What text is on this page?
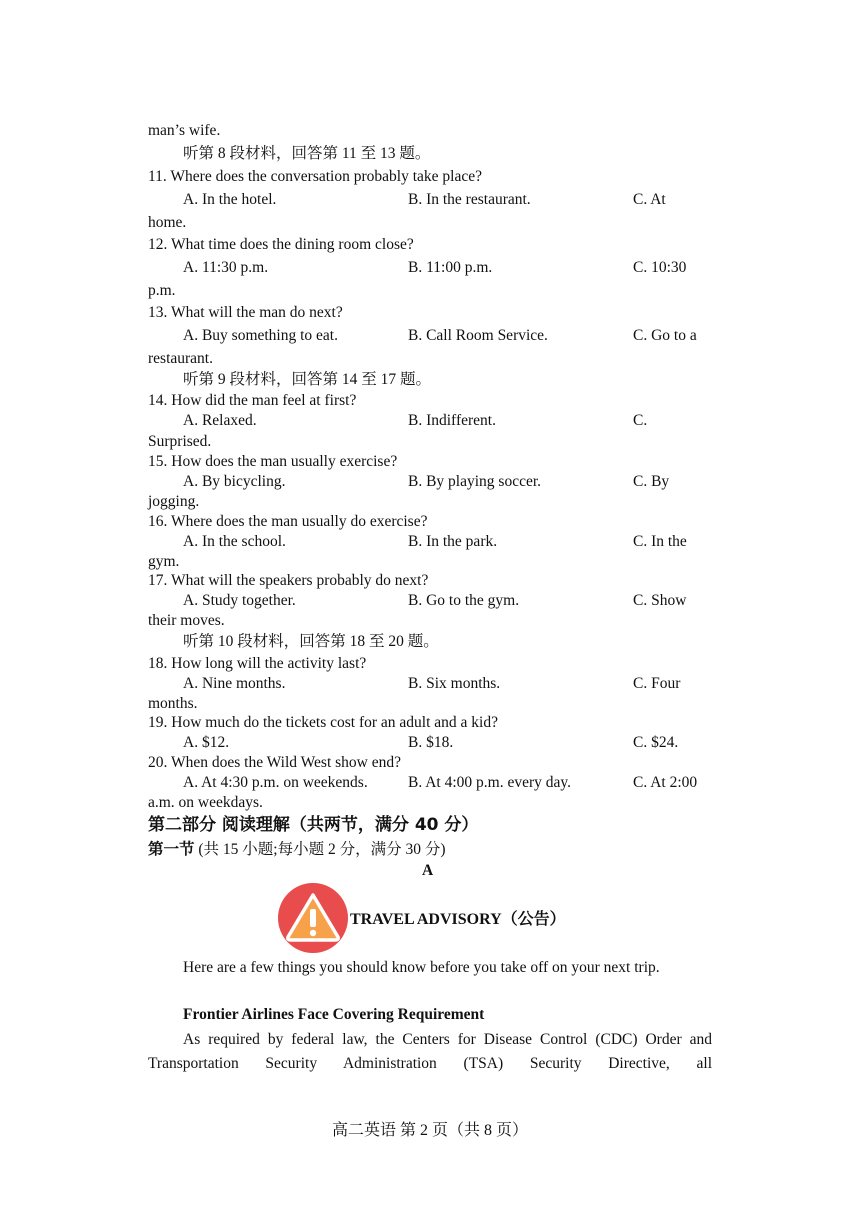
man’s wife.
听第 8 段材料，回答第 11 至 13 题。
11. Where does the conversation probably take place?
A. In the hotel.	B. In the restaurant.	C. At
home.
12. What time does the dining room close?
A. 11:30 p.m.	B. 11:00 p.m.	C. 10:30
p.m.
13. What will the man do next?
A. Buy something to eat.	B. Call Room Service.	C. Go to a
restaurant.
听第 9 段材料，回答第 14 至 17 题。
14. How did the man feel at first?
A. Relaxed.	B. Indifferent.	C.
Surprised.
15. How does the man usually exercise?
A. By bicycling.	B. By playing soccer.	C. By
jogging.
16. Where does the man usually do exercise?
A. In the school.	B. In the park.	C. In the
gym.
17. What will the speakers probably do next?
A. Study together.	B. Go to the gym.	C. Show
their moves.
听第 10 段材料，回答第 18 至 20 题。
18. How long will the activity last?
A. Nine months.	B. Six months.	C. Four
months.
19. How much do the tickets cost for an adult and a kid?
A. $12.	B. $18.	C. $24.
20. When does the Wild West show end?
A. At 4:30 p.m. on weekends.	B. At 4:00 p.m. every day.	C. At 2:00
a.m. on weekdays.
第二部分 阅读理解（共两节，满分 40 分）
第一节 (共 15 小题;每小题 2 分，满分 30 分)
A
TRAVEL ADVISORY（公告）
Here are a few things you should know before you take off on your next trip.
Frontier Airlines Face Covering Requirement
As required by federal law, the Centers for Disease Control (CDC) Order and Transportation Security Administration (TSA) Security Directive, all
高二英语 第 2 页（共 8 页）
